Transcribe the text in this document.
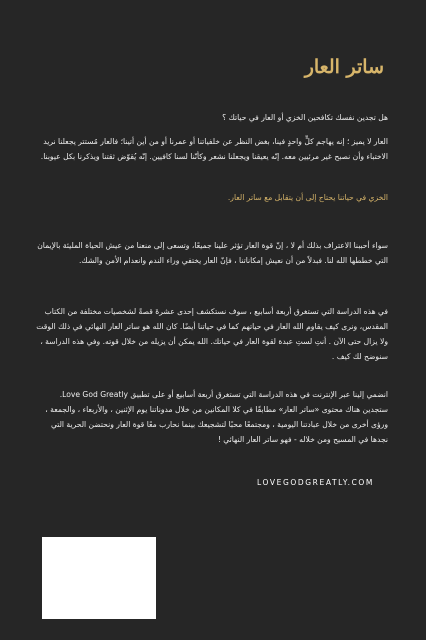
ساتر العار

هل تجدين نفسك تكافحين الخزي أو العار في حياتك ؟

العار لا يميز ؛ إنه يهاجم كلٍّ واحدٍ فينا، بغض النظر عن خلفياتنا أو عمرنا أو من أين أتينا؛ فالعار مُستتر يجعلنا نريد الاختباء وأن نصبح غير مرئيين معه. إنّه يعيقنا ويجعلنا نشعر وكأنّنا لسنا كافيين. إنّه يُقوّض ثقتنا ويذكرنا بكل عيوبنا.

الخزي في حياتنا يحتاج إلى أن يتقابل مع ساتر العار.

سواء أحببنا الاعتراف بذلك أم لا ، إنّ قوة العار تؤثر علينا جميعًا، وتسعى إلى منعنا من عيش الحياة المليئة بالإيمان التي خططها الله لنا. فبدلاً من أن نعيش إمكاناتنا ، فإنّ العار يختفي وراء الندم وانعدام الأمن والشك.

في هذه الدراسة التي تستغرق أربعة أسابيع ، سوف نستكشف إحدى عشرةَ قصةً لشخصيات مختلفة من الكتاب المقدس، ونرى كيف يقاوم الله العار في حياتهم كما في حياتنا أيضًا. كان الله هو ساتر العار النهائي في ذلك الوقت ولا يزال حتى الآن . أنتِ لستِ عبدة لقوة العار في حياتك. الله يمكن أن يزيله من خلال قوته. وفي هذه الدراسة ، سنوضح لك كيف .

انضمي إلينا عبر الإنترنت في هذه الدراسة التي تستغرق أربعة أسابيع أو على تطبيق Love God Greatly. ستجدين هناك محتوى «ساتر العار» مطابقًا في كلا المكانين من خلال مدوناتنا يوم الإثنين ، والأربعاء ، والجمعة ، ورؤى أخرى من خلال عبادتنا اليومية ، ومجتمعًا محبًا لتشجيعك بينما نحارب معًا قوة العار ونحتضن الحرية التي نجدها في المسيح ومن خلاله - فهو ساتر العار النهائي !

LOVEGODGREATLY.COM
